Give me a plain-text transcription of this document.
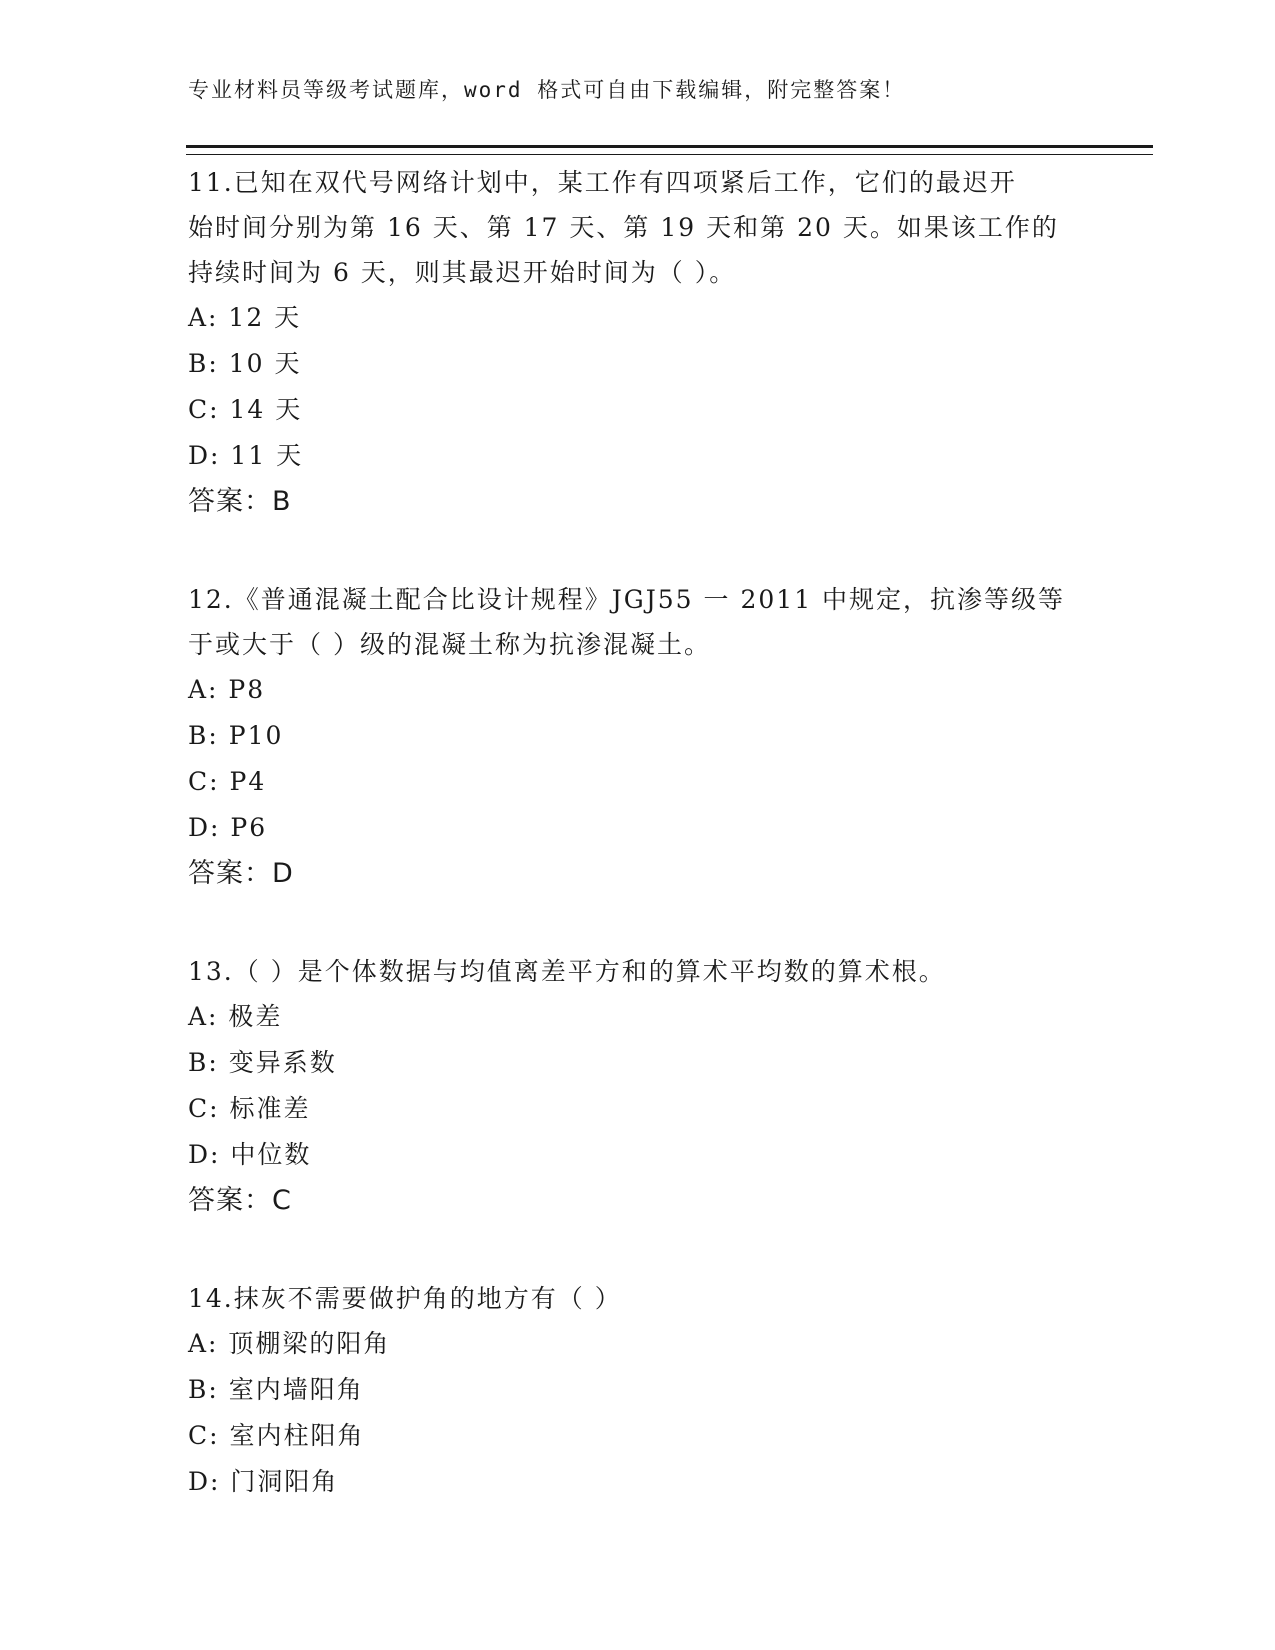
专业材料员等级考试题库，word 格式可自由下载编辑，附完整答案！

11.已知在双代号网络计划中，某工作有四项紧后工作，它们的最迟开

始时间分别为第 16 天、第 17 天、第 19 天和第 20 天。如果该工作的

持续时间为 6 天，则其最迟开始时间为（ ）。

A: 12 天

B: 10 天

C: 14 天

D: 11 天

答案：B

12.《普通混凝土配合比设计规程》JGJ55 一 2011 中规定，抗渗等级等

于或大于（ ）级的混凝土称为抗渗混凝土。

A: P8

B: P10

C: P4

D: P6

答案：D

13.（ ）是个体数据与均值离差平方和的算术平均数的算术根。

A: 极差

B: 变异系数

C: 标准差

D: 中位数

答案：C

14.抹灰不需要做护角的地方有（ ）

A: 顶棚梁的阳角

B: 室内墙阳角

C: 室内柱阳角

D: 门洞阳角
